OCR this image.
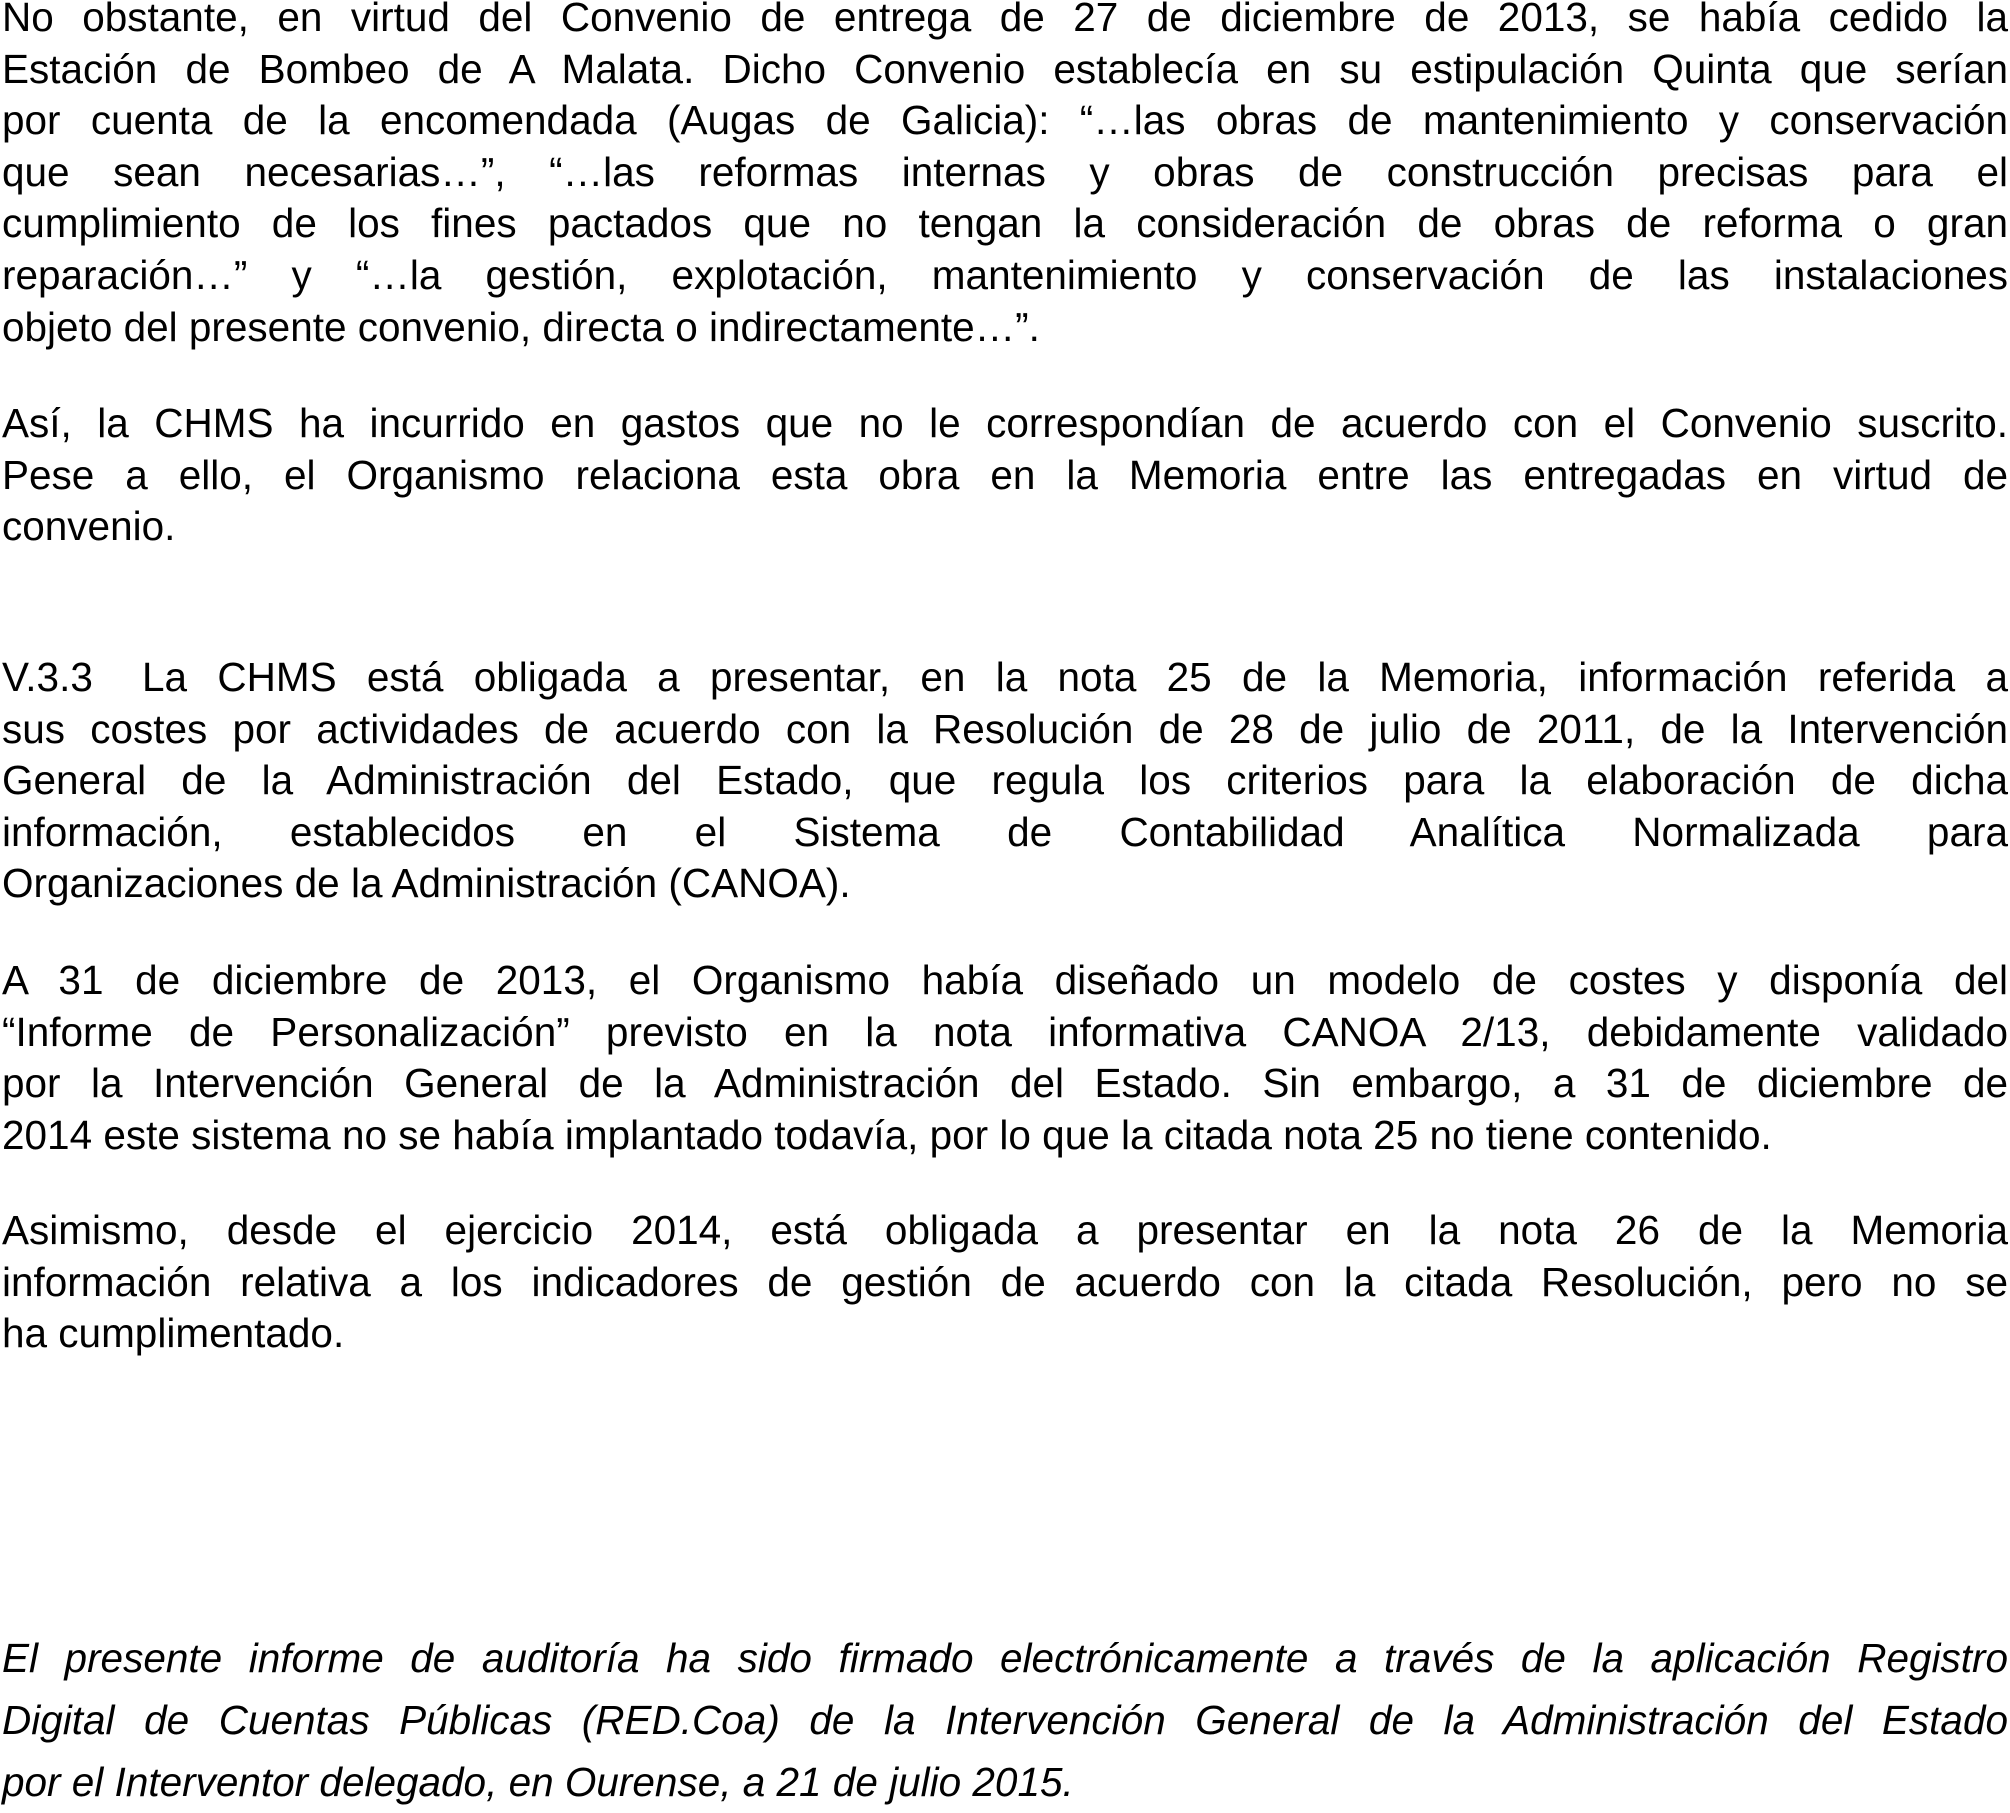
No obstante, en virtud del Convenio de entrega de 27 de diciembre de 2013, se había cedido la
Estación de Bombeo de A Malata. Dicho Convenio establecía en su estipulación Quinta que serían
por cuenta de la encomendada (Augas de Galicia): “…las obras de mantenimiento y conservación
que sean necesarias…”, “…las reformas internas y obras de construcción precisas para el
cumplimiento de los fines pactados que no tengan la consideración de obras de reforma o gran
reparación…” y “…la gestión, explotación, mantenimiento y conservación de las instalaciones
objeto del presente convenio, directa o indirectamente…”.
Así, la CHMS ha incurrido en gastos que no le correspondían de acuerdo con el Convenio suscrito.
Pese a ello, el Organismo relaciona esta obra en la Memoria entre las entregadas en virtud de
convenio.
V.3.3 La CHMS está obligada a presentar, en la nota 25 de la Memoria, información referida a
sus costes por actividades de acuerdo con la Resolución de 28 de julio de 2011, de la Intervención
General de la Administración del Estado, que regula los criterios para la elaboración de dicha
información, establecidos en el Sistema de Contabilidad Analítica Normalizada para
Organizaciones de la Administración (CANOA).
A 31 de diciembre de 2013, el Organismo había diseñado un modelo de costes y disponía del
“Informe de Personalización” previsto en la nota informativa CANOA 2/13, debidamente validado
por la Intervención General de la Administración del Estado. Sin embargo, a 31 de diciembre de
2014 este sistema no se había implantado todavía, por lo que la citada nota 25 no tiene contenido.
Asimismo, desde el ejercicio 2014, está obligada a presentar en la nota 26 de la Memoria
información relativa a los indicadores de gestión de acuerdo con la citada Resolución, pero no se
ha cumplimentado.
El presente informe de auditoría ha sido firmado electrónicamente a través de la aplicación Registro
Digital de Cuentas Públicas (RED.Coa) de la Intervención General de la Administración del Estado
por el Interventor delegado, en Ourense, a 21 de julio 2015.
